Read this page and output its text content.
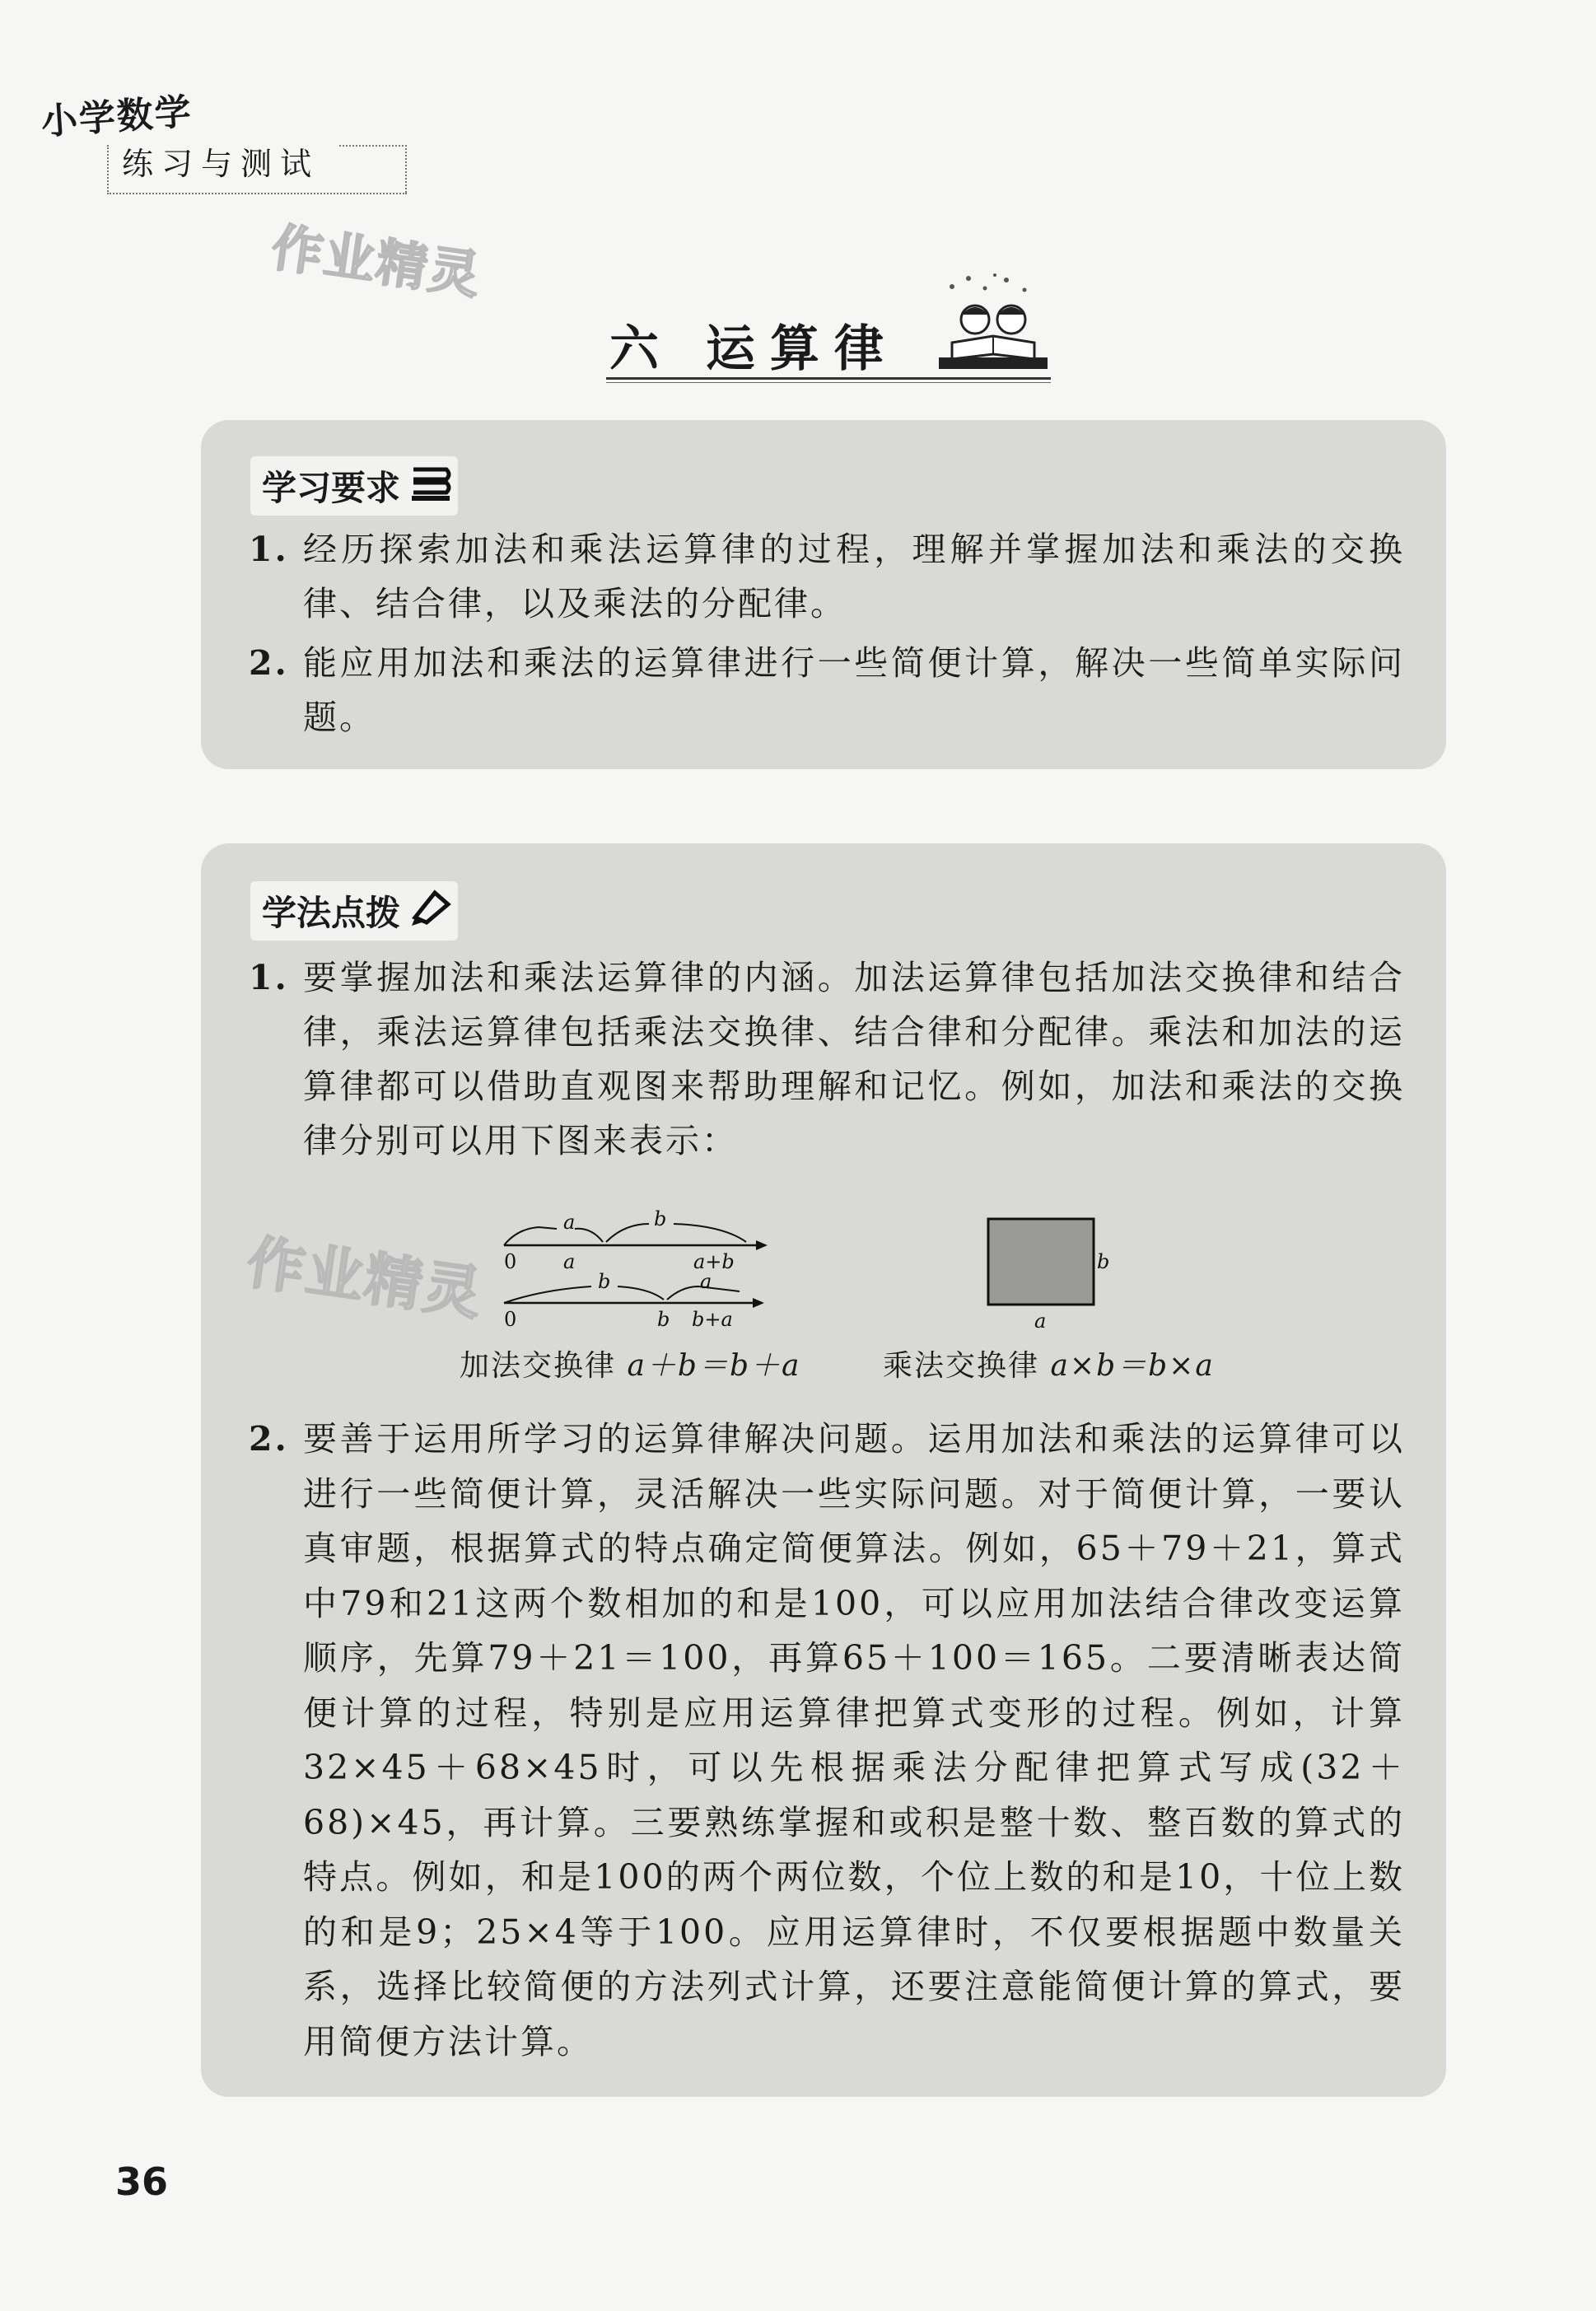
小学数学
练习与测试
作业精灵
六 运算律
学习要求
1. 经历探索加法和乘法运算律的过程，理解并掌握加法和乘法的交换律、结合律，以及乘法的分配律。
2. 能应用加法和乘法的运算律进行一些简便计算，解决一些简单实际问题。
学法点拨
1. 要掌握加法和乘法运算律的内涵。加法运算律包括加法交换律和结合律，乘法运算律包括乘法交换律、结合律和分配律。乘法和加法的运算律都可以借助直观图来帮助理解和记忆。例如，加法和乘法的交换律分别可以用下图来表示：
2. 要善于运用所学习的运算律解决问题。运用加法和乘法的运算律可以进行一些简便计算，灵活解决一些实际问题。对于简便计算，一要认真审题，根据算式的特点确定简便算法。例如，65＋79＋21，算式中79和21这两个数相加的和是100，可以应用加法结合律改变运算顺序，先算79＋21＝100，再算65＋100＝165。二要清晰表达简便计算的过程，特别是应用运算律把算式变形的过程。例如，计算32×45＋68×45时，可以先根据乘法分配律把算式写成(32＋68)×45，再计算。三要熟练掌握和或积是整十数、整百数的算式的特点。例如，和是100的两个两位数，个位上数的和是10，十位上数的和是9；25×4等于100。应用运算律时，不仅要根据题中数量关系，选择比较简便的方法列式计算，还要注意能简便计算的算式，要用简便方法计算。
作业精灵
a	b
0 a	a+b
b	a
0	b b+a
b
a
加法交换律 a＋b＝b＋a	乘法交换律 a×b＝b×a
36
